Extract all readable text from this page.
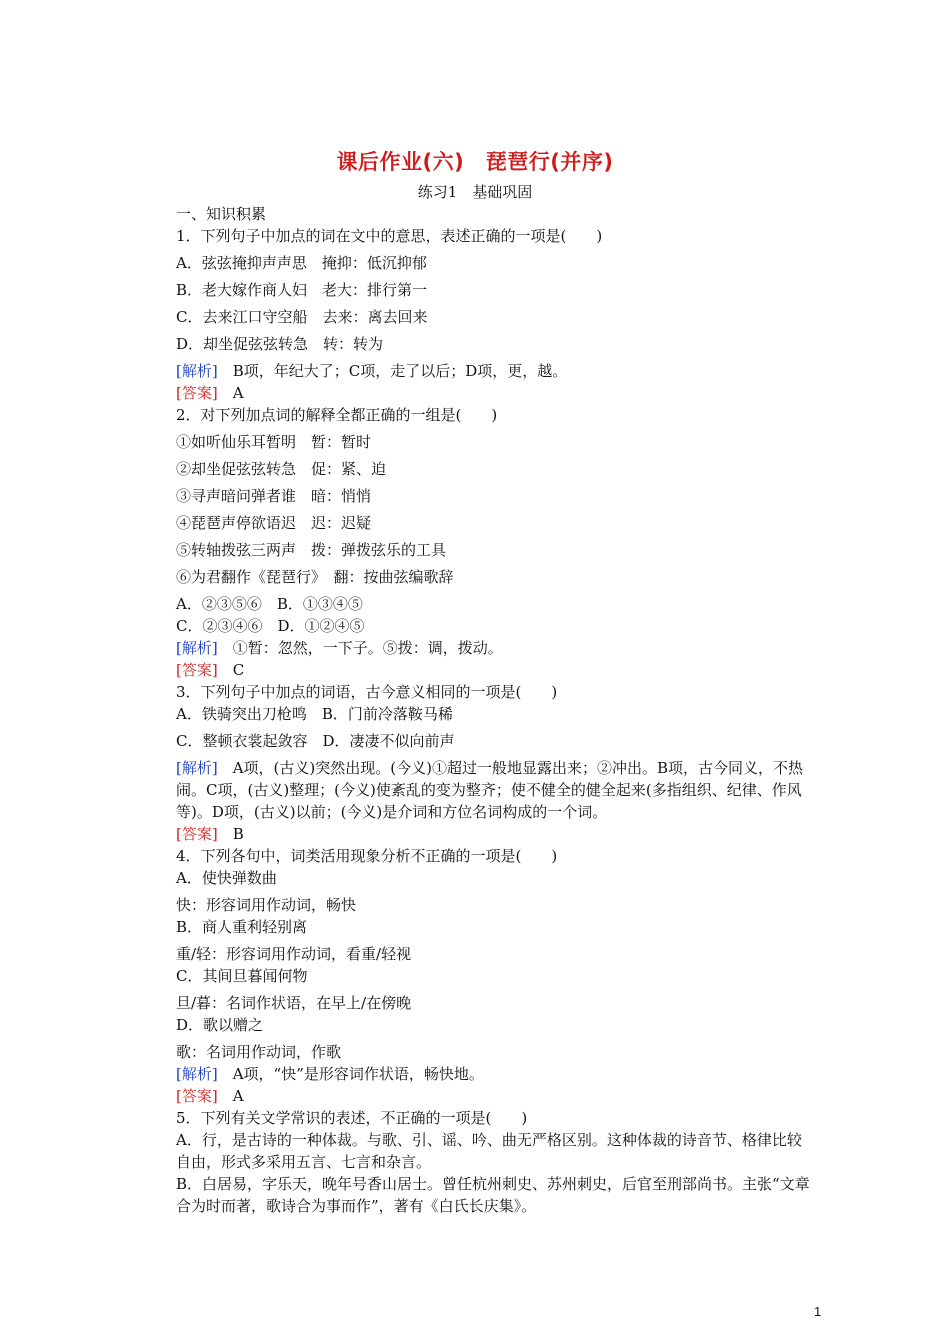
课后作业(六)　琵琶行(并序)
练习1　基础巩固
一、知识积累
1．下列句子中加点的词在文中的意思，表述正确的一项是(　　)
A．弦弦掩抑声声思　掩抑：低沉抑郁
B．老大嫁作商人妇　老大：排行第一
C．去来江口守空船　去来：离去回来
D．却坐促弦弦转急　转：转为
[解析]　B项，年纪大了；C项，走了以后；D项，更，越。
[答案]　A
2．对下列加点词的解释全都正确的一组是(　　)
①如听仙乐耳暂明　暂：暂时
②却坐促弦弦转急　促：紧、迫
③寻声暗问弹者谁　暗：悄悄
④琵琶声停欲语迟　迟：迟疑
⑤转轴拨弦三两声　拨：弹拨弦乐的工具
⑥为君翻作《琵琶行》　翻：按曲弦编歌辞
A．②③⑤⑥　B．①③④⑤
C．②③④⑥　D．①②④⑤
[解析]　①暂：忽然，一下子。⑤拨：调，拨动。
[答案]　C
3．下列句子中加点的词语，古今意义相同的一项是(　　)
A．铁骑突出刀枪鸣　B．门前冷落鞍马稀
C．整顿衣裳起敛容　D．凄凄不似向前声
[解析]　A项，(古义)突然出现。(今义)①超过一般地显露出来；②冲出。B项，古今同义，不热闹。C项，(古义)整理；(今义)使紊乱的变为整齐；使不健全的健全起来(多指组织、纪律、作风等)。D项，(古义)以前；(今义)是介词和方位名词构成的一个词。
[答案]　B
4．下列各句中，词类活用现象分析不正确的一项是(　　)
A．使快弹数曲
快：形容词用作动词，畅快
B．商人重利轻别离
重/轻：形容词用作动词，看重/轻视
C．其间旦暮闻何物
旦/暮：名词作状语，在早上/在傍晚
D．歌以赠之
歌：名词用作动词，作歌
[解析]　A项，“快”是形容词作状语，畅快地。
[答案]　A
5．下列有关文学常识的表述，不正确的一项是(　　)
A．行，是古诗的一种体裁。与歌、引、谣、吟、曲无严格区别。这种体裁的诗音节、格律比较自由，形式多采用五言、七言和杂言。
B．白居易，字乐天，晚年号香山居士。曾任杭州刺史、苏州刺史，后官至刑部尚书。主张“文章合为时而著，歌诗合为事而作”，著有《白氏长庆集》。
1
